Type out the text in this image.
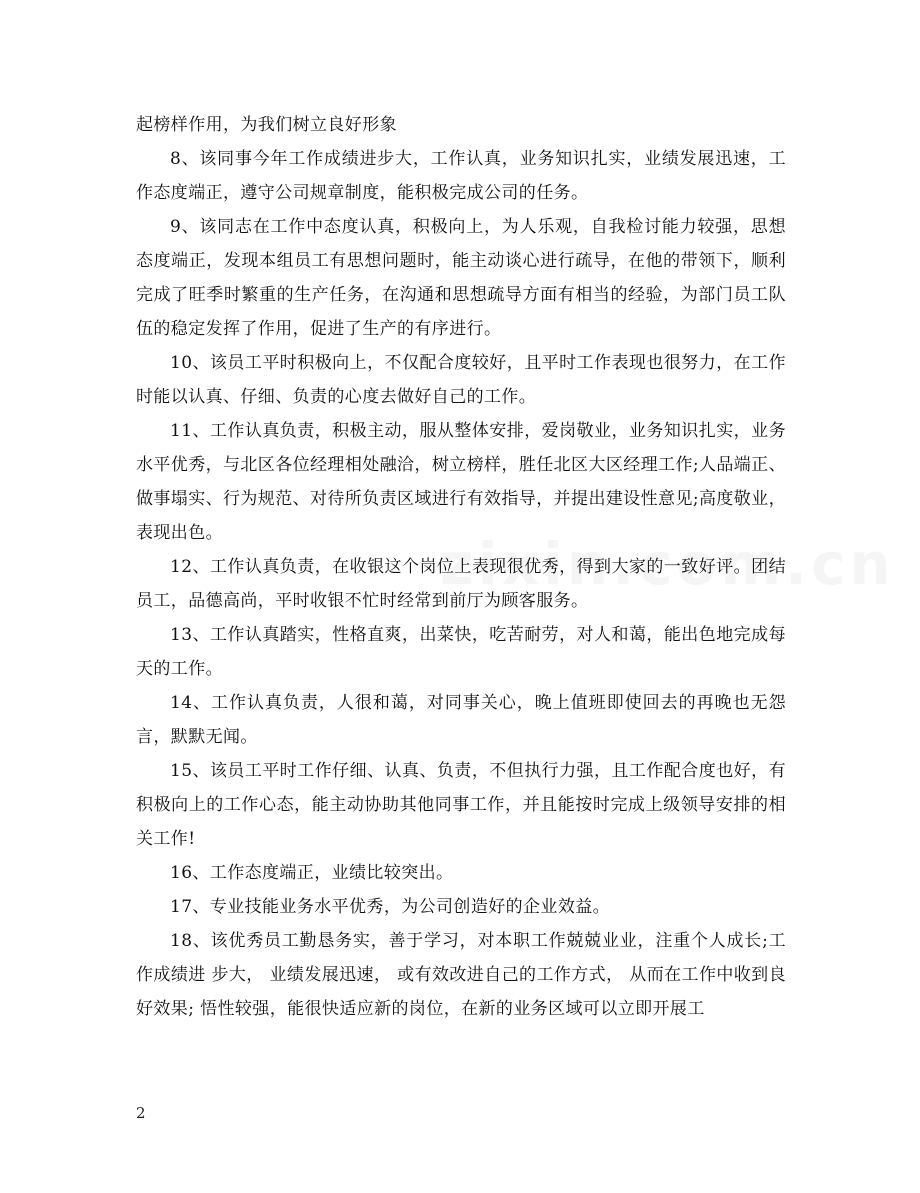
起榜样作用，为我们树立良好形象

8、该同事今年工作成绩进步大，工作认真，业务知识扎实，业绩发展迅速，工作态度端正，遵守公司规章制度，能积极完成公司的任务。

9、该同志在工作中态度认真，积极向上，为人乐观，自我检讨能力较强，思想态度端正，发现本组员工有思想问题时，能主动谈心进行疏导，在他的带领下，顺利完成了旺季时繁重的生产任务，在沟通和思想疏导方面有相当的经验，为部门员工队伍的稳定发挥了作用，促进了生产的有序进行。

10、该员工平时积极向上，不仅配合度较好，且平时工作表现也很努力，在工作时能以认真、仔细、负责的心度去做好自己的工作。

11、工作认真负责，积极主动，服从整体安排，爱岗敬业，业务知识扎实，业务水平优秀，与北区各位经理相处融洽，树立榜样，胜任北区大区经理工作;人品端正、做事塌实、行为规范、对待所负责区域进行有效指导，并提出建设性意见;高度敬业，表现出色。

12、工作认真负责，在收银这个岗位上表现很优秀，得到大家的一致好评。团结员工，品德高尚，平时收银不忙时经常到前厅为顾客服务。

13、工作认真踏实，性格直爽，出菜快，吃苦耐劳，对人和蔼，能出色地完成每天的工作。

14、工作认真负责，人很和蔼，对同事关心，晚上值班即使回去的再晚也无怨言，默默无闻。

15、该员工平时工作仔细、认真、负责，不但执行力强，且工作配合度也好，有积极向上的工作心态，能主动协助其他同事工作，并且能按时完成上级领导安排的相关工作!

16、工作态度端正，业绩比较突出。

17、专业技能业务水平优秀，为公司创造好的企业效益。

18、该优秀员工勤恳务实，善于学习，对本职工作兢兢业业，注重个人成长;工作成绩进 步大， 业绩发展迅速， 或有效改进自己的工作方式， 从而在工作中收到良好效果; 悟性较强，能很快适应新的岗位，在新的业务区域可以立即开展工

2
